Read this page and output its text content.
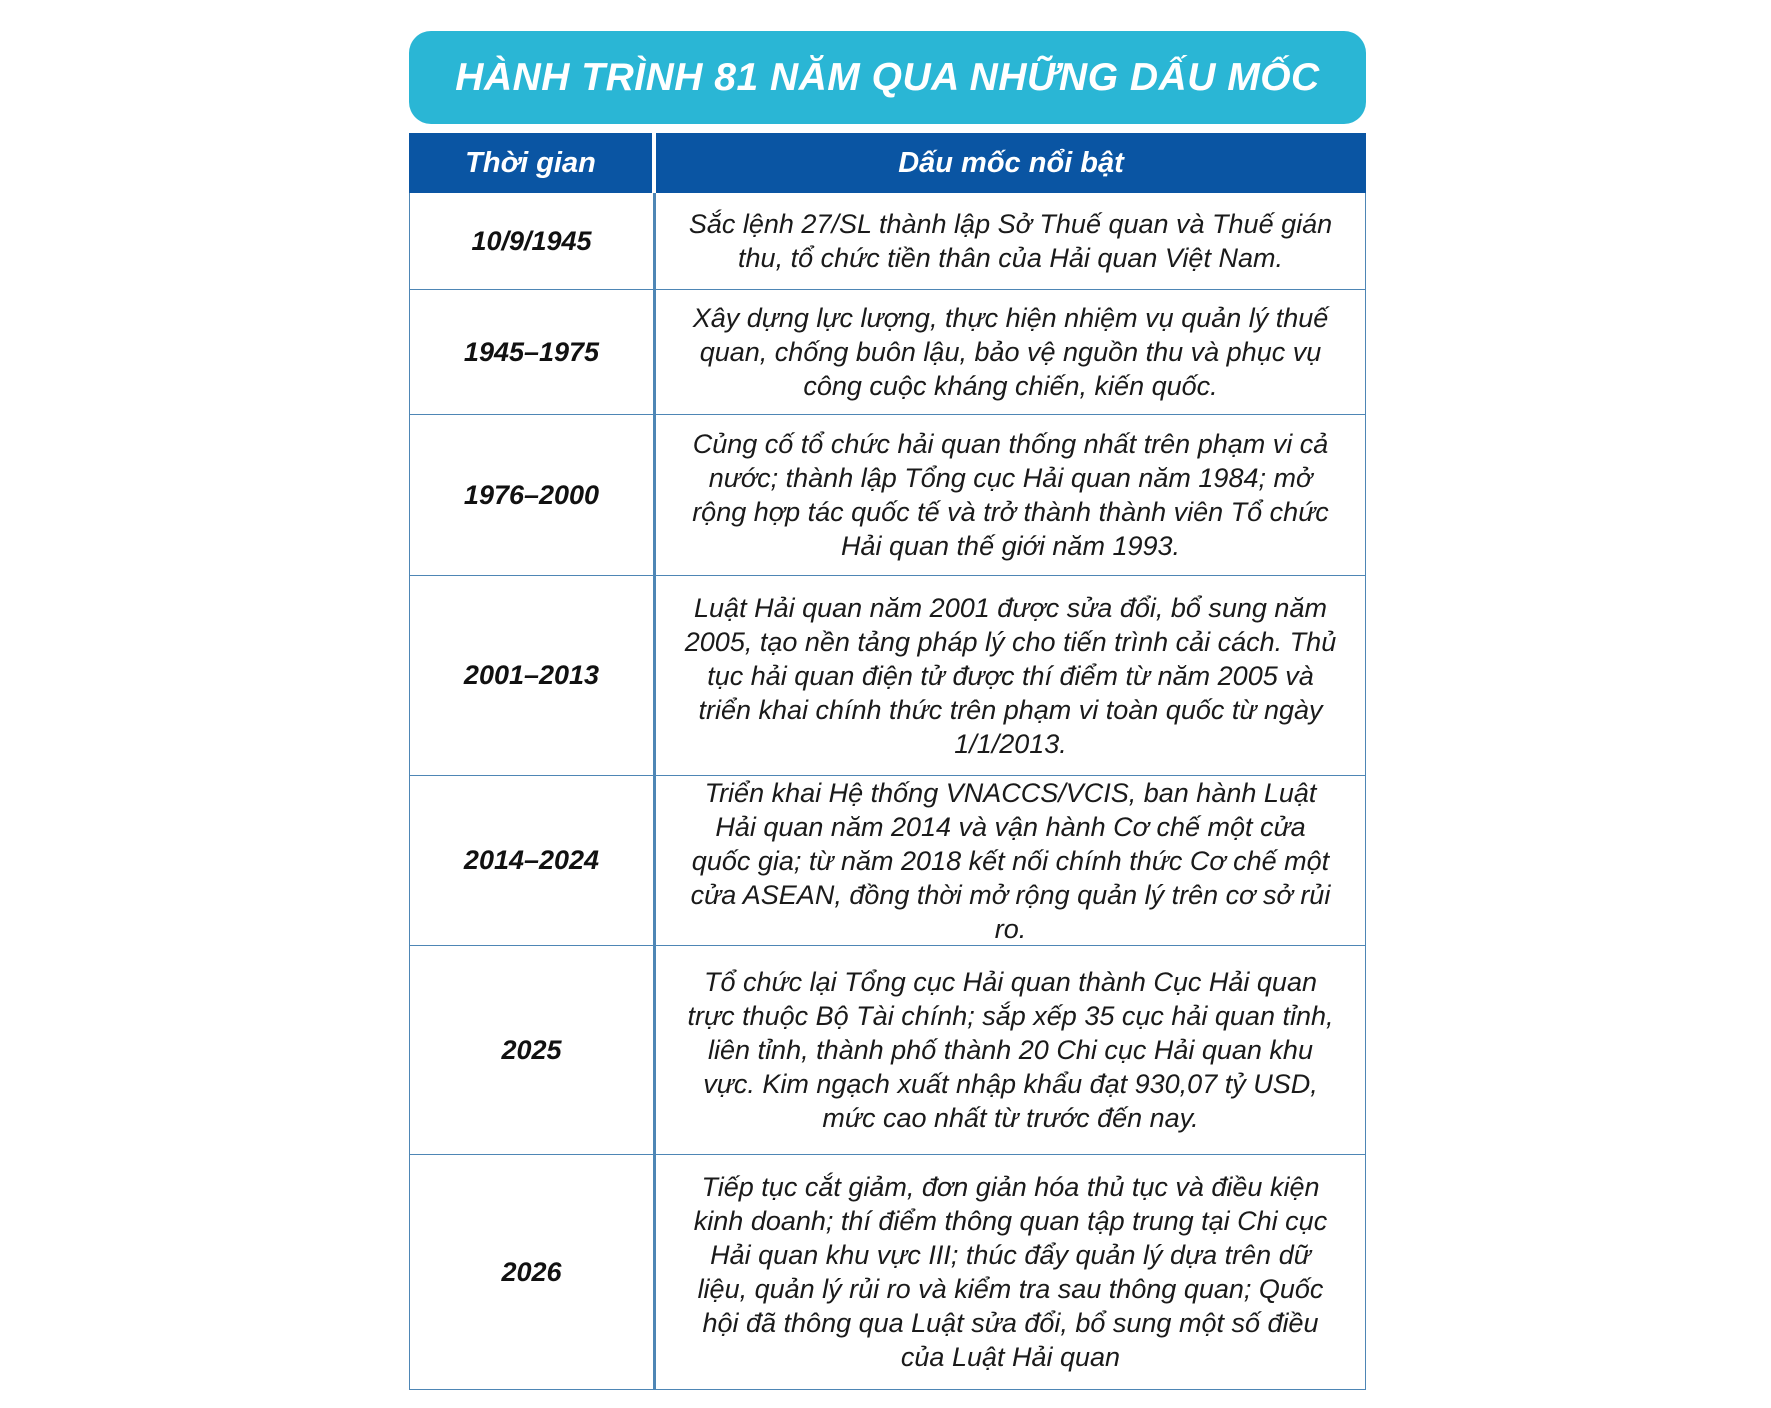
HÀNH TRÌNH 81 NĂM QUA NHỮNG DẤU MỐC
Thời gian	Dấu mốc nổi bật
10/9/1945
Sắc lệnh 27/SL thành lập Sở Thuế quan và Thuế gián thu, tổ chức tiền thân của Hải quan Việt Nam.
1945–1975
Xây dựng lực lượng, thực hiện nhiệm vụ quản lý thuế quan, chống buôn lậu, bảo vệ nguồn thu và phục vụ công cuộc kháng chiến, kiến quốc.
1976–2000
Củng cố tổ chức hải quan thống nhất trên phạm vi cả nước; thành lập Tổng cục Hải quan năm 1984; mở rộng hợp tác quốc tế và trở thành thành viên Tổ chức Hải quan thế giới năm 1993.
2001–2013
Luật Hải quan năm 2001 được sửa đổi, bổ sung năm 2005, tạo nền tảng pháp lý cho tiến trình cải cách. Thủ tục hải quan điện tử được thí điểm từ năm 2005 và triển khai chính thức trên phạm vi toàn quốc từ ngày 1/1/2013.
2014–2024
Triển khai Hệ thống VNACCS/VCIS, ban hành Luật Hải quan năm 2014 và vận hành Cơ chế một cửa quốc gia; từ năm 2018 kết nối chính thức Cơ chế một cửa ASEAN, đồng thời mở rộng quản lý trên cơ sở rủi ro.
2025
Tổ chức lại Tổng cục Hải quan thành Cục Hải quan trực thuộc Bộ Tài chính; sắp xếp 35 cục hải quan tỉnh, liên tỉnh, thành phố thành 20 Chi cục Hải quan khu vực. Kim ngạch xuất nhập khẩu đạt 930,07 tỷ USD, mức cao nhất từ trước đến nay.
2026
Tiếp tục cắt giảm, đơn giản hóa thủ tục và điều kiện kinh doanh; thí điểm thông quan tập trung tại Chi cục Hải quan khu vực III; thúc đẩy quản lý dựa trên dữ liệu, quản lý rủi ro và kiểm tra sau thông quan; Quốc hội đã thông qua Luật sửa đổi, bổ sung một số điều của Luật Hải quan
